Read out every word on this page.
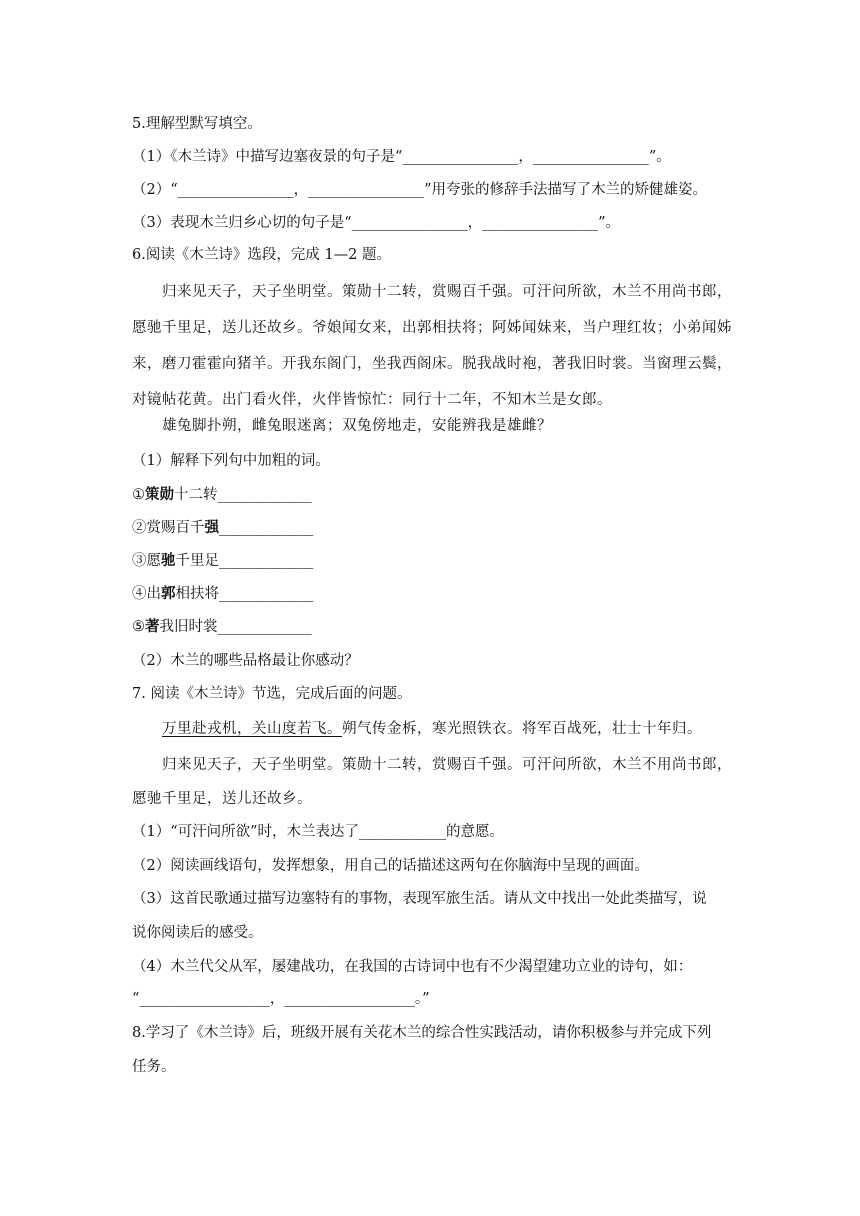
5.理解型默写填空。
（1）《木兰诗》中描写边塞夜景的句子是“________________，________________”。
（2）“________________，________________”用夸张的修辞手法描写了木兰的矫健雄姿。
（3）表现木兰归乡心切的句子是“________________，________________”。
6.阅读《木兰诗》选段，完成 1—2 题。
归来见天子，天子坐明堂。策勋十二转，赏赐百千强。可汗问所欲，木兰不用尚书郎，
愿驰千里足，送儿还故乡。爷娘闻女来，出郭相扶将；阿姊闻妹来，当户理红妆；小弟闻姊
来，磨刀霍霍向猪羊。开我东阁门，坐我西阁床。脱我战时袍，著我旧时裳。当窗理云鬓，
对镜帖花黄。出门看火伴，火伴皆惊忙：同行十二年，不知木兰是女郎。
雄兔脚扑朔，雌兔眼迷离；双兔傍地走，安能辨我是雄雌？
（1）解释下列句中加粗的词。
①策勋十二转_____________
②赏赐百千强_____________
③愿驰千里足_____________
④出郭相扶将_____________
⑤著我旧时裳_____________
（2）木兰的哪些品格最让你感动？
7. 阅读《木兰诗》节选，完成后面的问题。
万里赴戎机，关山度若飞。朔气传金柝，寒光照铁衣。将军百战死，壮士十年归。
归来见天子，天子坐明堂。策勋十二转，赏赐百千强。可汗问所欲，木兰不用尚书郎，
愿驰千里足，送儿还故乡。
（1）“可汗问所欲”时，木兰表达了____________的意愿。
（2）阅读画线语句，发挥想象，用自己的话描述这两句在你脑海中呈现的画面。
（3）这首民歌通过描写边塞特有的事物，表现军旅生活。请从文中找出一处此类描写，说
说你阅读后的感受。
（4）木兰代父从军，屡建战功，在我国的古诗词中也有不少渴望建功立业的诗句，如：
“__________________，__________________。”
8.学习了《木兰诗》后，班级开展有关花木兰的综合性实践活动，请你积极参与并完成下列
任务。
